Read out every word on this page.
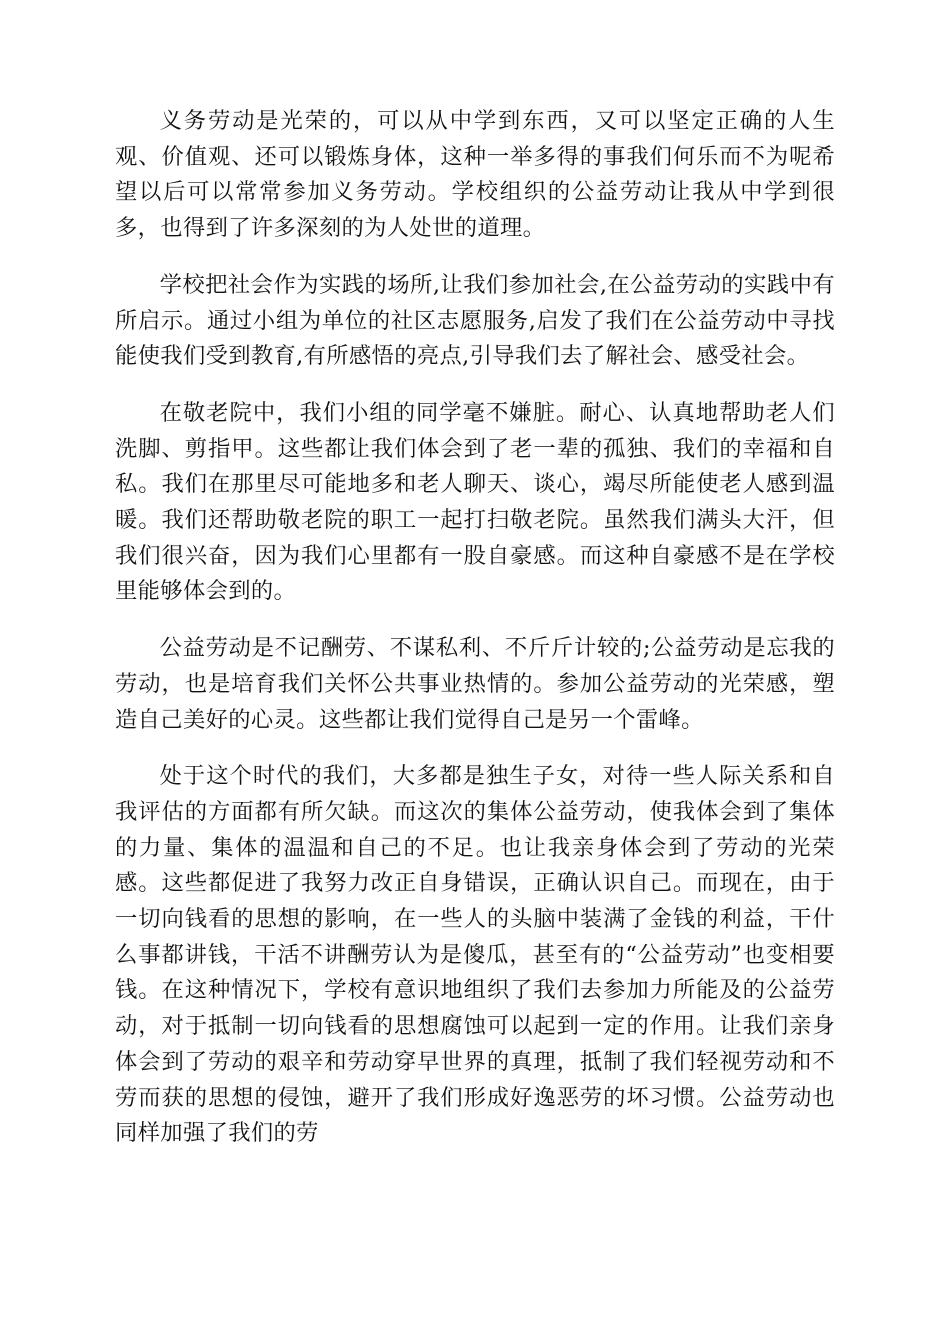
义务劳动是光荣的，可以从中学到东西，又可以坚定正确的人生观、价值观、还可以锻炼身体，这种一举多得的事我们何乐而不为呢希望以后可以常常参加义务劳动。学校组织的公益劳动让我从中学到很多，也得到了许多深刻的为人处世的道理。

学校把社会作为实践的场所,让我们参加社会,在公益劳动的实践中有所启示。通过小组为单位的社区志愿服务,启发了我们在公益劳动中寻找能使我们受到教育,有所感悟的亮点,引导我们去了解社会、感受社会。

在敬老院中，我们小组的同学毫不嫌脏。耐心、认真地帮助老人们洗脚、剪指甲。这些都让我们体会到了老一辈的孤独、我们的幸福和自私。我们在那里尽可能地多和老人聊天、谈心，竭尽所能使老人感到温暖。我们还帮助敬老院的职工一起打扫敬老院。虽然我们满头大汗，但我们很兴奋，因为我们心里都有一股自豪感。而这种自豪感不是在学校里能够体会到的。

公益劳动是不记酬劳、不谋私利、不斤斤计较的;公益劳动是忘我的劳动，也是培育我们关怀公共事业热情的。参加公益劳动的光荣感，塑造自己美好的心灵。这些都让我们觉得自己是另一个雷峰。

处于这个时代的我们，大多都是独生子女，对待一些人际关系和自我评估的方面都有所欠缺。而这次的集体公益劳动，使我体会到了集体的力量、集体的温温和自己的不足。也让我亲身体会到了劳动的光荣感。这些都促进了我努力改正自身错误，正确认识自己。而现在，由于一切向钱看的思想的影响，在一些人的头脑中装满了金钱的利益，干什么事都讲钱，干活不讲酬劳认为是傻瓜，甚至有的“公益劳动”也变相要钱。在这种情况下，学校有意识地组织了我们去参加力所能及的公益劳动，对于抵制一切向钱看的思想腐蚀可以起到一定的作用。让我们亲身体会到了劳动的艰辛和劳动穿早世界的真理，抵制了我们轻视劳动和不劳而获的思想的侵蚀，避开了我们形成好逸恶劳的坏习惯。公益劳动也同样加强了我们的劳
